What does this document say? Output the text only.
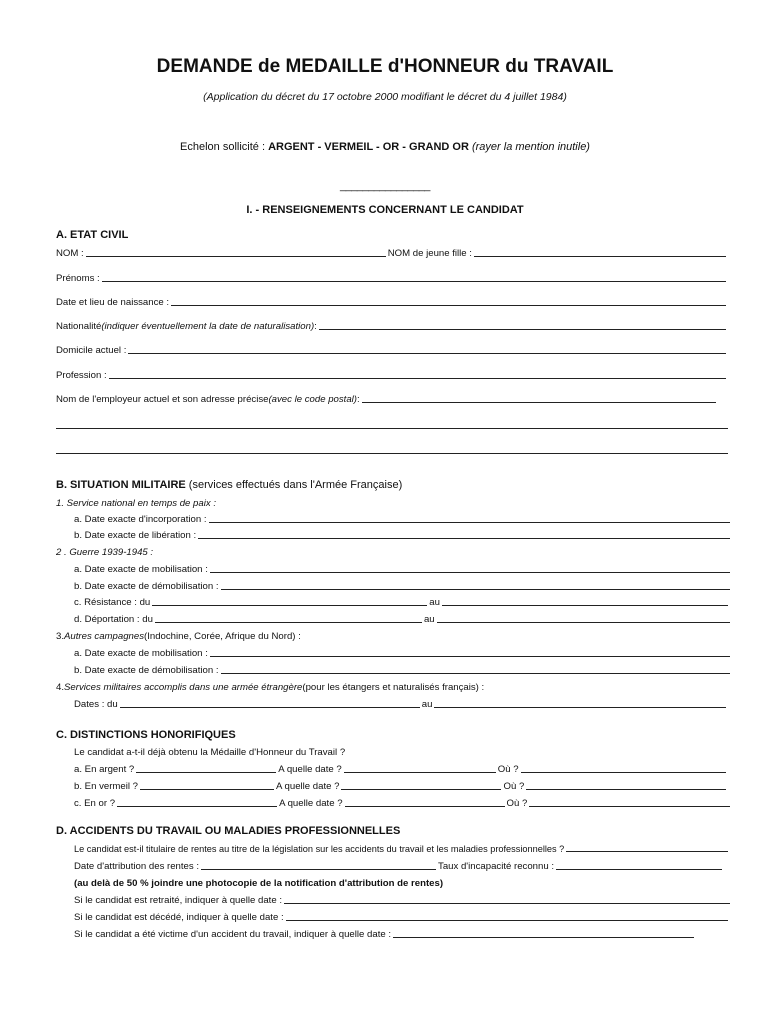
DEMANDE de MEDAILLE d'HONNEUR du TRAVAIL
(Application du décret du 17 octobre 2000 modifiant le décret du 4 juillet 1984)
Echelon sollicité : ARGENT - VERMEIL - OR - GRAND OR (rayer la mention inutile)
________________
I. - RENSEIGNEMENTS CONCERNANT LE CANDIDAT
A. ETAT CIVIL
NOM :	NOM de jeune fille :
Prénoms :
Date et lieu de naissance :
Nationalité (indiquer éventuellement la date de naturalisation) :
Domicile actuel :
Profession :
Nom de l'employeur actuel et son adresse précise (avec le code postal) :
B. SITUATION MILITAIRE (services effectués dans l'Armée Française)
1. Service national en temps de paix :
a. Date exacte d'incorporation :
b. Date exacte de libération :
2 . Guerre 1939-1945 :
a. Date exacte de mobilisation :
b. Date exacte de démobilisation :
c. Résistance : du	au
d. Déportation : du	au
3. Autres campagnes (Indochine, Corée, Afrique du Nord) :
a. Date exacte de mobilisation :
b. Date exacte de démobilisation :
4. Services militaires accomplis dans une armée étrangère (pour les étangers et naturalisés français) :
Dates : du	au
C. DISTINCTIONS HONORIFIQUES
Le candidat a-t-il déjà obtenu la Médaille d'Honneur du Travail ?
a. En argent ?	A quelle date ?	Où ?
b. En vermeil ?	A quelle date ?	Où ?
c. En or ?	A quelle date ?	Où ?
D. ACCIDENTS DU TRAVAIL OU MALADIES PROFESSIONNELLES
Le candidat est-il titulaire de rentes au titre de la législation sur les accidents du travail et les maladies professionnelles ?
Date d'attribution des rentes :	Taux d'incapacité reconnu :
(au delà de 50 % joindre une photocopie de la notification d'attribution de rentes)
Si le candidat est retraité, indiquer à quelle date :
Si le candidat est décédé, indiquer à quelle date :
Si le candidat a été victime d'un accident du travail, indiquer à quelle date :
